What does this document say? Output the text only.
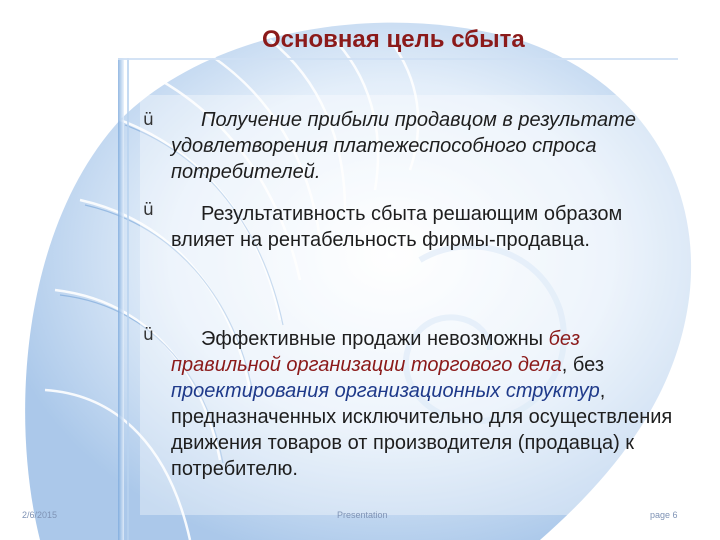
Основная цель сбыта
ü	Получение прибыли продавцом в результате удовлетворения платежеспособного спроса потребителей.
ü	Результативность сбыта решающим образом влияет на рентабельность фирмы-продавца.
ü	Эффективные продажи невозможны без правильной организации торгового дела, без проектирования организационных структур, предназначенных исключительно для осуществления движения товаров от производителя (продавца) к потребителю.
2/6/2015	Presentation	page 6
